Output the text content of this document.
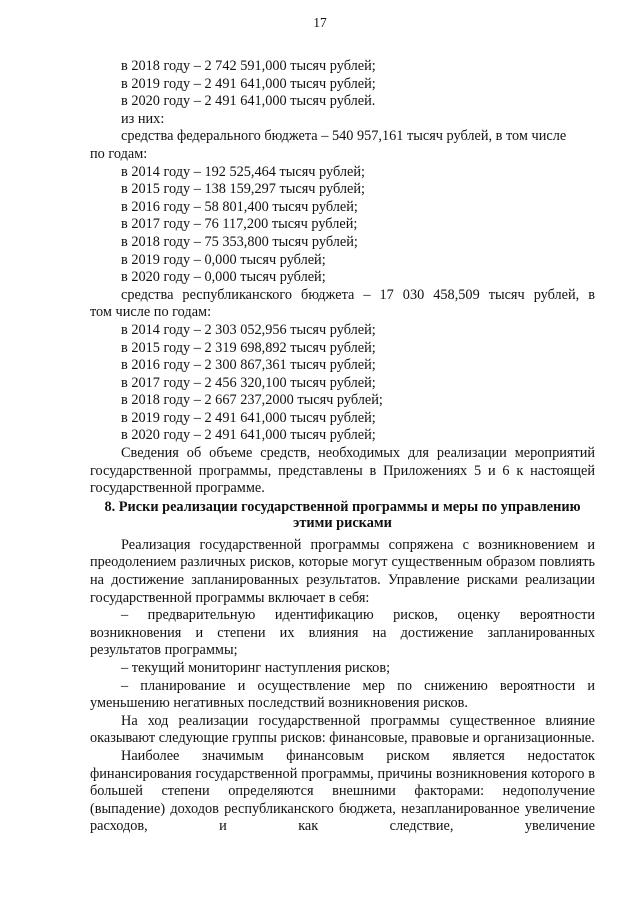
17
в 2018 году – 2 742 591,000 тысяч рублей;
в 2019 году – 2 491 641,000 тысяч рублей;
в 2020 году – 2 491 641,000 тысяч рублей.
из них:
средства федерального бюджета – 540 957,161 тысяч рублей, в том числе
по годам:
в 2014 году – 192 525,464 тысяч рублей;
в 2015 году – 138 159,297 тысяч рублей;
в 2016 году – 58 801,400 тысяч рублей;
в 2017 году – 76 117,200 тысяч рублей;
в 2018 году – 75 353,800 тысяч рублей;
в 2019 году – 0,000 тысяч рублей;
в 2020 году – 0,000 тысяч рублей;
средства республиканского бюджета – 17 030 458,509 тысяч рублей, в
том числе по годам:
в 2014 году – 2 303 052,956 тысяч рублей;
в 2015 году – 2 319 698,892 тысяч рублей;
в 2016 году – 2 300 867,361 тысяч рублей;
в 2017 году – 2 456 320,100 тысяч рублей;
в 2018 году – 2 667 237,2000 тысяч рублей;
в 2019 году – 2 491 641,000 тысяч рублей;
в 2020 году – 2 491 641,000 тысяч рублей;
Сведения об объеме средств, необходимых для реализации мероприятий государственной программы, представлены в Приложениях 5 и 6 к настоящей государственной программе.
8. Риски реализации государственной программы и меры по управлению
этими рисками
Реализация государственной программы сопряжена с возникновением и преодолением различных рисков, которые могут существенным образом повлиять на достижение запланированных результатов. Управление рисками реализации государственной программы включает в себя:
– предварительную идентификацию рисков, оценку вероятности возникновения и степени их влияния на достижение запланированных результатов программы;
– текущий мониторинг наступления рисков;
– планирование и осуществление мер по снижению вероятности и уменьшению негативных последствий возникновения рисков.
На ход реализации государственной программы существенное влияние оказывают следующие группы рисков: финансовые, правовые и организационные.
Наиболее значимым финансовым риском является недостаток финансирования государственной программы, причины возникновения которого в большей степени определяются внешними факторами: недополучение (выпадение) доходов республиканского бюджета, незапланированное увеличение расходов, и как следствие, увеличение
